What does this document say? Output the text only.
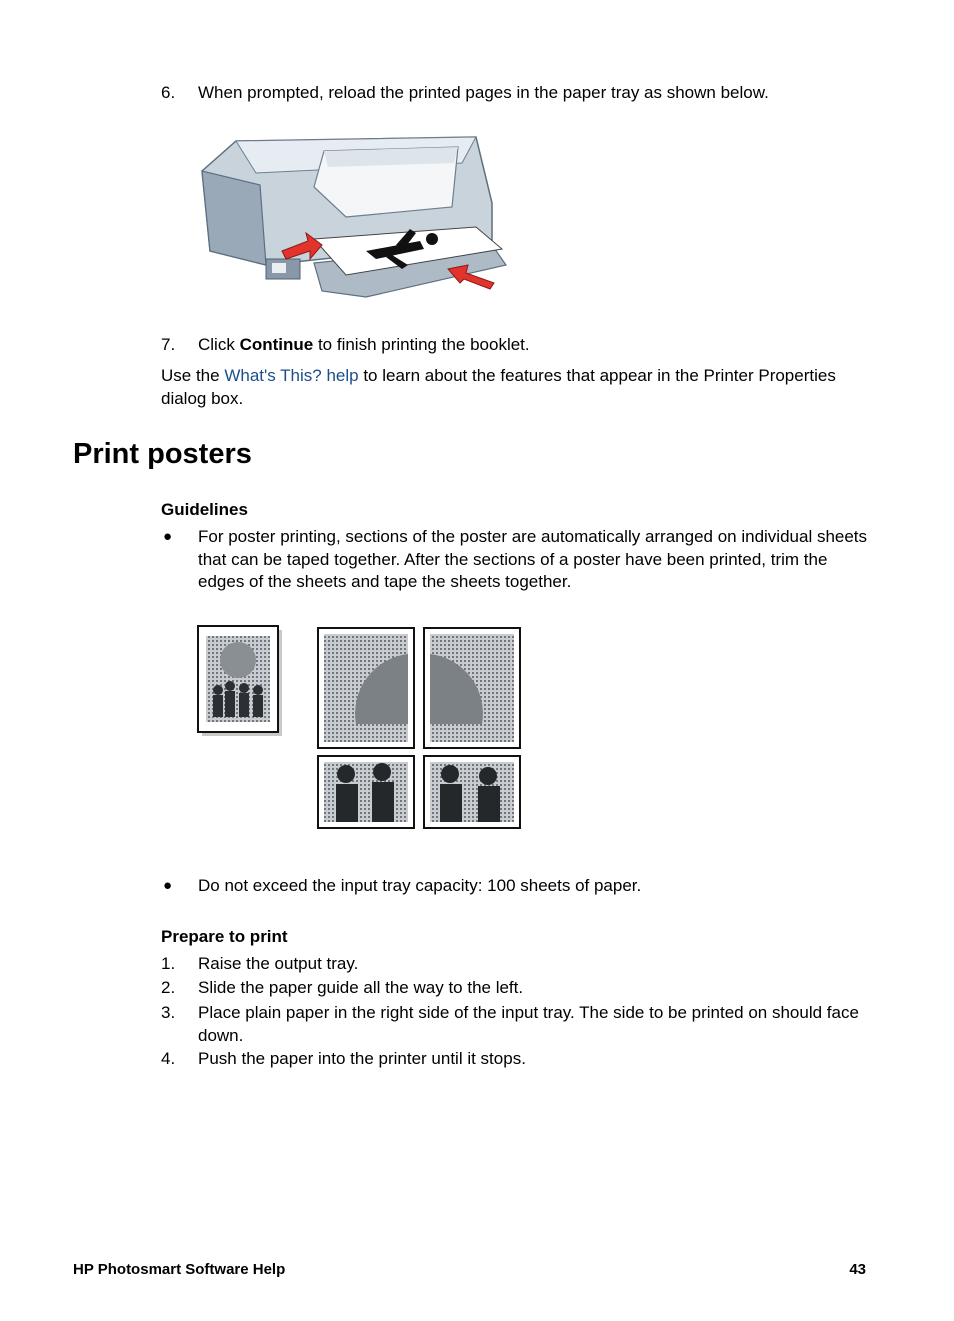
6. When prompted, reload the printed pages in the paper tray as shown below.
7. Click Continue to finish printing the booklet.
Use the What's This? help to learn about the features that appear in the Printer Properties dialog box.
Print posters
Guidelines
● For poster printing, sections of the poster are automatically arranged on individual sheets that can be taped together. After the sections of a poster have been printed, trim the edges of the sheets and tape the sheets together.
● Do not exceed the input tray capacity: 100 sheets of paper.
Prepare to print
1. Raise the output tray.
2. Slide the paper guide all the way to the left.
3. Place plain paper in the right side of the input tray. The side to be printed on should face down.
4. Push the paper into the printer until it stops.
HP Photosmart Software Help	43
